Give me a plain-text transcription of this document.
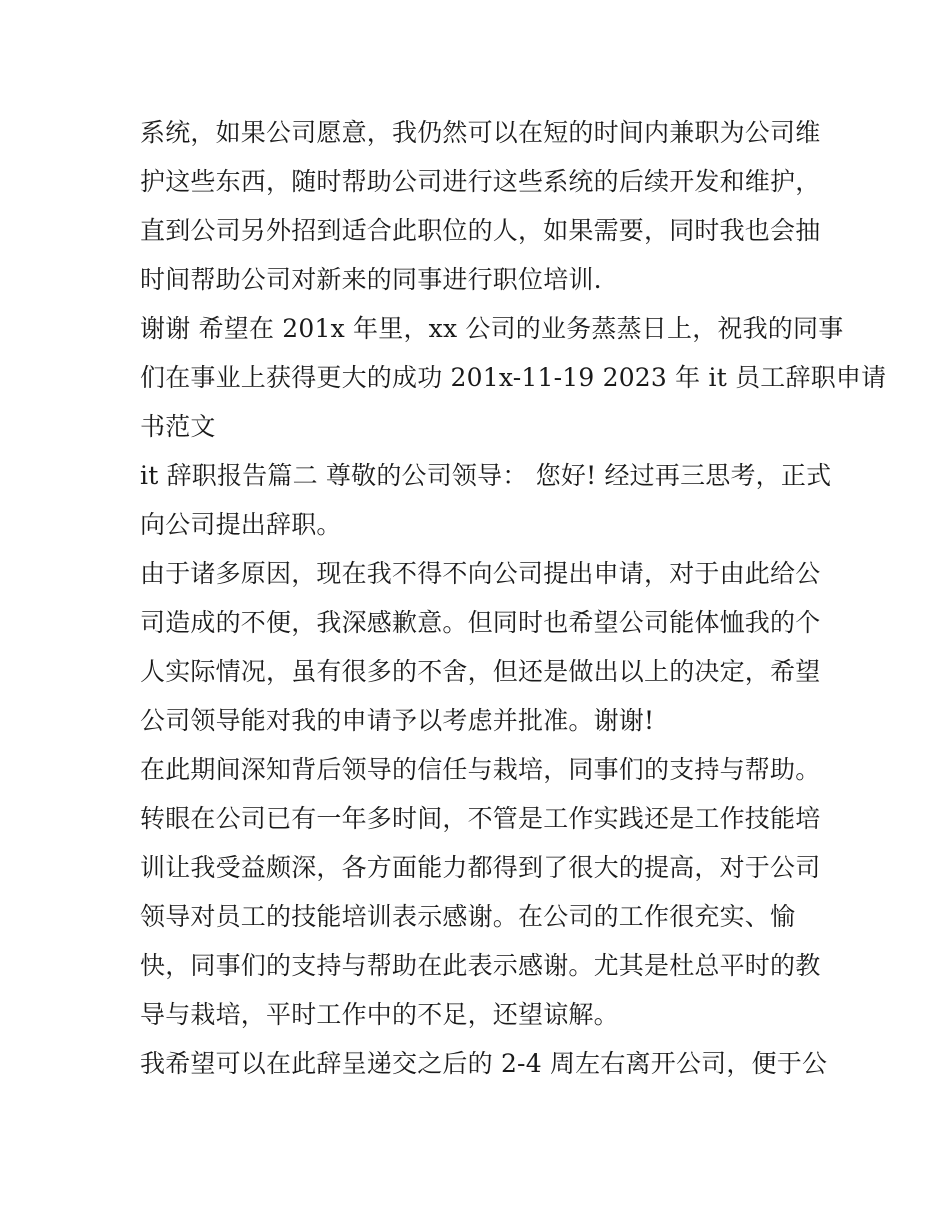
系统，如果公司愿意，我仍然可以在短的时间内兼职为公司维
护这些东西，随时帮助公司进行这些系统的后续开发和维护，
直到公司另外招到适合此职位的人，如果需要，同时我也会抽
时间帮助公司对新来的同事进行职位培训.
谢谢 希望在 201x 年里，xx 公司的业务蒸蒸日上，祝我的同事
们在事业上获得更大的成功 201x-11-19 2023 年 it 员工辞职申请
书范文
it 辞职报告篇二 尊敬的公司领导： 您好! 经过再三思考，正式
向公司提出辞职。
由于诸多原因，现在我不得不向公司提出申请，对于由此给公
司造成的不便，我深感歉意。但同时也希望公司能体恤我的个
人实际情况，虽有很多的不舍，但还是做出以上的决定，希望
公司领导能对我的申请予以考虑并批准。谢谢!
在此期间深知背后领导的信任与栽培，同事们的支持与帮助。
转眼在公司已有一年多时间，不管是工作实践还是工作技能培
训让我受益颇深，各方面能力都得到了很大的提高，对于公司
领导对员工的技能培训表示感谢。在公司的工作很充实、愉
快，同事们的支持与帮助在此表示感谢。尤其是杜总平时的教
导与栽培，平时工作中的不足，还望谅解。
我希望可以在此辞呈递交之后的 2-4 周左右离开公司，便于公
